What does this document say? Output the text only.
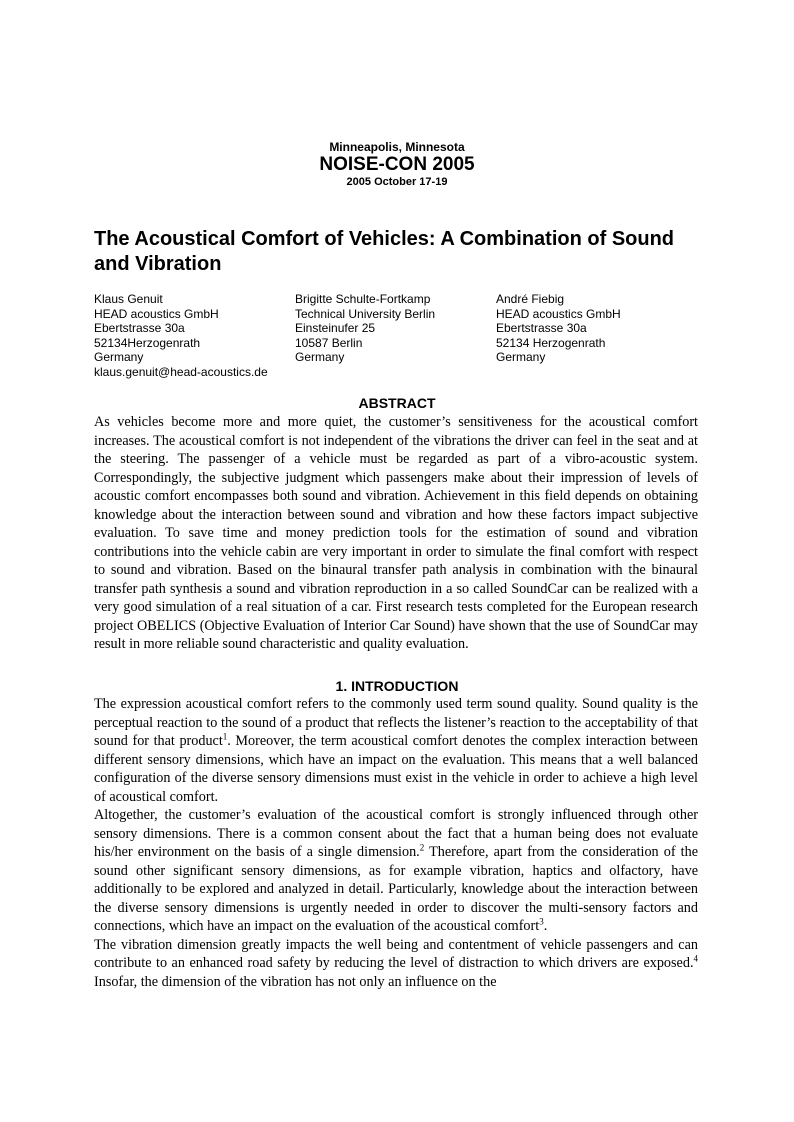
Minneapolis, Minnesota
NOISE-CON 2005
2005 October 17-19
The Acoustical Comfort of Vehicles: A Combination of Sound and Vibration
Klaus Genuit
HEAD acoustics GmbH
Ebertstrasse 30a
52134Herzogenrath
Germany
klaus.genuit@head-acoustics.de
Brigitte Schulte-Fortkamp
Technical University Berlin
Einsteinufer 25
10587 Berlin
Germany
André Fiebig
HEAD acoustics GmbH
Ebertstrasse 30a
52134 Herzogenrath
Germany
ABSTRACT

As vehicles become more and more quiet, the customer’s sensitiveness for the acoustical comfort increases. The acoustical comfort is not independent of the vibrations the driver can feel in the seat and at the steering. The passenger of a vehicle must be regarded as part of a vibro-acoustic system. Correspondingly, the subjective judgment which passengers make about their impression of levels of acoustic comfort encompasses both sound and vibration. Achievement in this field depends on obtaining knowledge about the interaction between sound and vibration and how these factors impact subjective evaluation. To save time and money prediction tools for the estimation of sound and vibration contributions into the vehicle cabin are very important in order to simulate the final comfort with respect to sound and vibration. Based on the binaural transfer path analysis in combination with the binaural transfer path synthesis a sound and vibration reproduction in a so called SoundCar can be realized with a very good simulation of a real situation of a car. First research tests completed for the European research project OBELICS (Objective Evaluation of Interior Car Sound) have shown that the use of SoundCar may result in more reliable sound characteristic and quality evaluation.

1. INTRODUCTION

The expression acoustical comfort refers to the commonly used term sound quality. Sound quality is the perceptual reaction to the sound of a product that reflects the listener’s reaction to the acceptability of that sound for that product$^1$. Moreover, the term acoustical comfort denotes the complex interaction between different sensory dimensions, which have an impact on the evaluation. This means that a well balanced configuration of the diverse sensory dimensions must exist in the vehicle in order to achieve a high level of acoustical comfort.

Altogether, the customer’s evaluation of the acoustical comfort is strongly influenced through other sensory dimensions. There is a common consent about the fact that a human being does not evaluate his/her environment on the basis of a single dimension.$^2$ Therefore, apart from the consideration of the sound other significant sensory dimensions, as for example vibration, haptics and olfactory, have additionally to be explored and analyzed in detail. Particularly, knowledge about the interaction between the diverse sensory dimensions is urgently needed in order to discover the multi-sensory factors and connections, which have an impact on the evaluation of the acoustical comfort$^3$.

The vibration dimension greatly impacts the well being and contentment of vehicle passengers and can contribute to an enhanced road safety by reducing the level of distraction to which drivers are exposed.$^4$ Insofar, the dimension of the vibration has not only an influence on the
